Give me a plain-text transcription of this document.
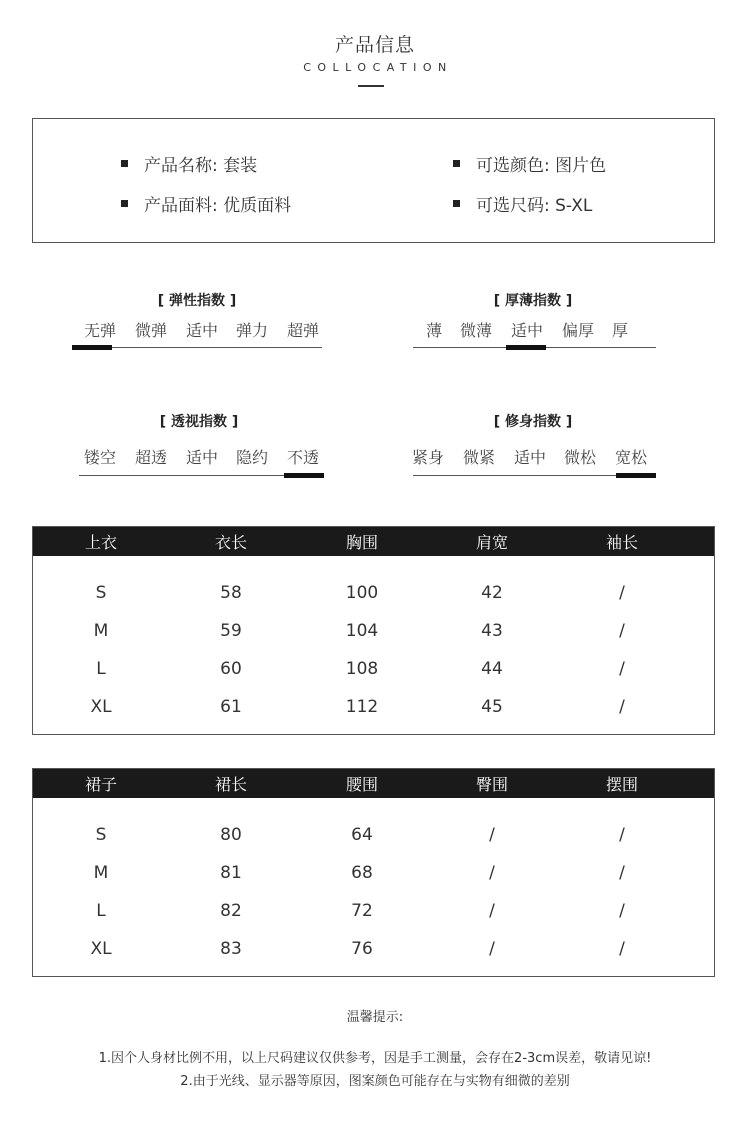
产品信息
COLLOCATION
产品名称: 套装
产品面料: 优质面料
可选颜色: 图片色
可选尺码: S-XL
[ 弹性指数 ]
无弹 微弹 适中 弹力 超弹
[ 厚薄指数 ]
薄 微薄 适中 偏厚 厚
[ 透视指数 ]
镂空 超透 适中 隐约 不透
[ 修身指数 ]
紧身 微紧 适中 微松 宽松
上衣	衣长	胸围	肩宽	袖长
S	58	100	42	/
M	59	104	43	/
L	60	108	44	/
XL	61	112	45	/
裙子	裙长	腰围	臀围	摆围
S	80	64	/	/
M	81	68	/	/
L	82	72	/	/
XL	83	76	/	/
温馨提示:
1.因个人身材比例不用，以上尺码建议仅供参考，因是手工测量，会存在2-3cm误差，敬请见谅!
2.由于光线、显示器等原因，图案颜色可能存在与实物有细微的差别
